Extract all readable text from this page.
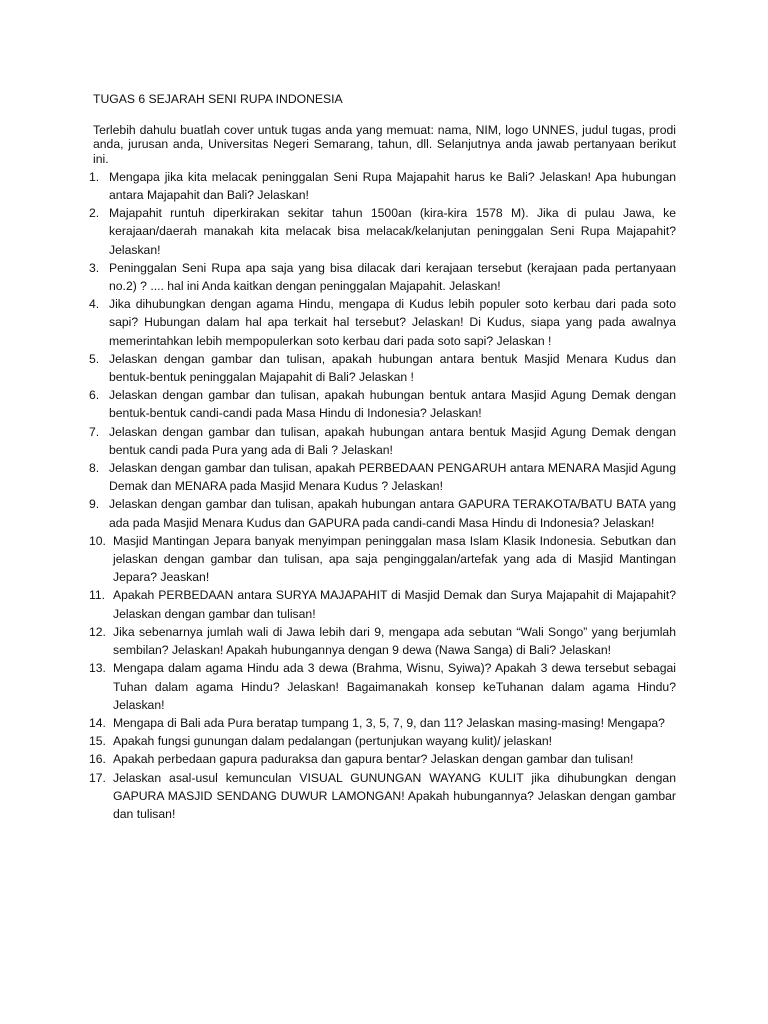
TUGAS 6 SEJARAH SENI RUPA INDONESIA

Terlebih dahulu buatlah cover untuk tugas anda yang memuat: nama, NIM, logo UNNES, judul tugas, prodi anda, jurusan anda, Universitas Negeri Semarang, tahun, dll. Selanjutnya anda jawab pertanyaan berikut ini.

1. Mengapa jika kita melacak peninggalan Seni Rupa Majapahit harus ke Bali? Jelaskan! Apa hubungan antara Majapahit dan Bali? Jelaskan!
2. Majapahit runtuh diperkirakan sekitar tahun 1500an (kira-kira 1578 M). Jika di pulau Jawa, ke kerajaan/daerah manakah kita melacak bisa melacak/kelanjutan peninggalan Seni Rupa Majapahit? Jelaskan!
3. Peninggalan Seni Rupa apa saja yang bisa dilacak dari kerajaan tersebut (kerajaan pada pertanyaan no.2) ? .... hal ini Anda kaitkan dengan peninggalan Majapahit. Jelaskan!
4. Jika dihubungkan dengan agama Hindu, mengapa di Kudus lebih populer soto kerbau dari pada soto sapi? Hubungan dalam hal apa terkait hal tersebut? Jelaskan! Di Kudus, siapa yang pada awalnya memerintahkan lebih mempopulerkan soto kerbau dari pada soto sapi? Jelaskan !
5. Jelaskan dengan gambar dan tulisan, apakah hubungan antara bentuk Masjid Menara Kudus dan bentuk-bentuk peninggalan Majapahit di Bali? Jelaskan !
6. Jelaskan dengan gambar dan tulisan, apakah hubungan bentuk antara Masjid Agung Demak dengan bentuk-bentuk candi-candi pada Masa Hindu di Indonesia? Jelaskan!
7. Jelaskan dengan gambar dan tulisan, apakah hubungan antara bentuk Masjid Agung Demak dengan bentuk candi pada Pura yang ada di Bali ? Jelaskan!
8. Jelaskan dengan gambar dan tulisan, apakah PERBEDAAN PENGARUH antara MENARA Masjid Agung Demak dan MENARA pada Masjid Menara Kudus ? Jelaskan!
9. Jelaskan dengan gambar dan tulisan, apakah hubungan antara GAPURA TERAKOTA/BATU BATA yang ada pada Masjid Menara Kudus dan GAPURA pada candi-candi Masa Hindu di Indonesia? Jelaskan!
10. Masjid Mantingan Jepara banyak menyimpan peninggalan masa Islam Klasik Indonesia. Sebutkan dan jelaskan dengan gambar dan tulisan, apa saja penginggalan/artefak yang ada di Masjid Mantingan Jepara? Jeaskan!
11. Apakah PERBEDAAN antara SURYA MAJAPAHIT di Masjid Demak dan Surya Majapahit di Majapahit? Jelaskan dengan gambar dan tulisan!
12. Jika sebenarnya jumlah wali di Jawa lebih dari 9, mengapa ada sebutan “Wali Songo” yang berjumlah sembilan? Jelaskan! Apakah hubungannya dengan 9 dewa (Nawa Sanga) di Bali? Jelaskan!
13. Mengapa dalam agama Hindu ada 3 dewa (Brahma, Wisnu, Syiwa)? Apakah 3 dewa tersebut sebagai Tuhan dalam agama Hindu? Jelaskan! Bagaimanakah konsep keTuhanan dalam agama Hindu? Jelaskan!
14. Mengapa di Bali ada Pura beratap tumpang 1, 3, 5, 7, 9, dan 11? Jelaskan masing-masing! Mengapa?
15. Apakah fungsi gunungan dalam pedalangan (pertunjukan wayang kulit)/ jelaskan!
16. Apakah perbedaan gapura paduraksa dan gapura bentar? Jelaskan dengan gambar dan tulisan!
17. Jelaskan asal-usul kemunculan VISUAL GUNUNGAN WAYANG KULIT jika dihubungkan dengan GAPURA MASJID SENDANG DUWUR LAMONGAN! Apakah hubungannya? Jelaskan dengan gambar dan tulisan!
